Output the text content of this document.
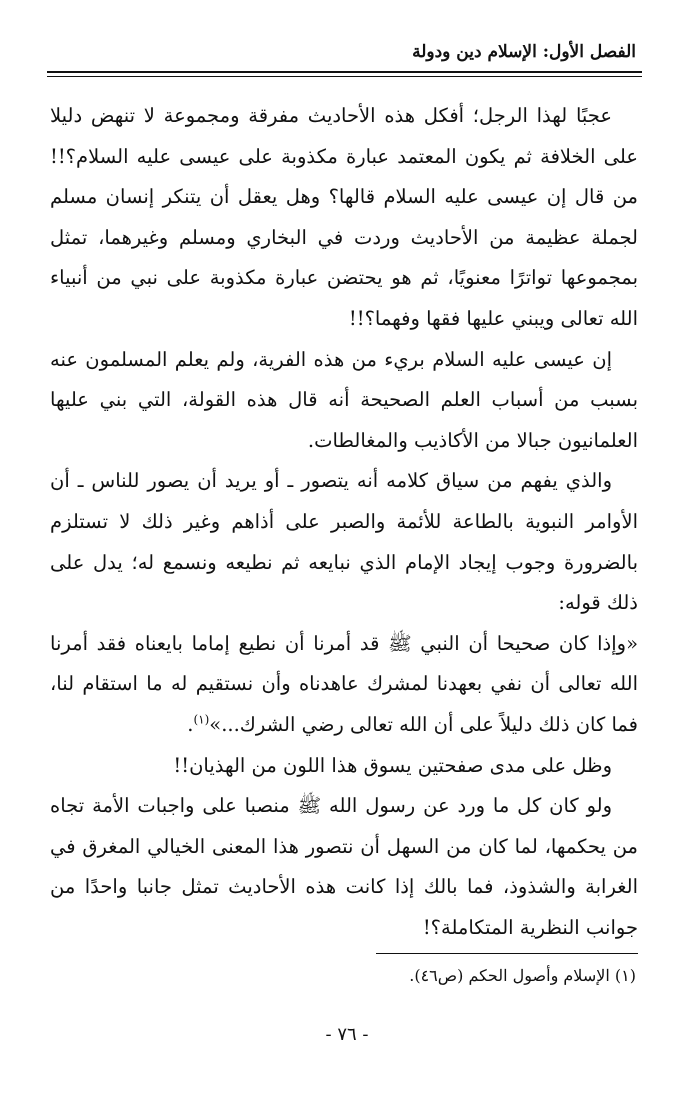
الفصل الأول: الإسلام دين ودولة

عجبًا لهذا الرجل؛ أفكل هذه الأحاديث مفرقة ومجموعة لا تنهض دليلا على الخلافة ثم يكون المعتمد عبارة مكذوبة على عيسى عليه السلام؟!! من قال إن عيسى عليه السلام قالها؟ وهل يعقل أن يتنكر إنسان مسلم لجملة عظيمة من الأحاديث وردت في البخاري ومسلم وغيرهما، تمثل بمجموعها تواترًا معنويًا، ثم هو يحتضن عبارة مكذوبة على نبي من أنبياء الله تعالى ويبني عليها فقها وفهما؟!!

إن عيسى عليه السلام بريء من هذه الفرية، ولم يعلم المسلمون عنه بسبب من أسباب العلم الصحيحة أنه قال هذه القولة، التي بني عليها العلمانيون جبالا من الأكاذيب والمغالطات.

والذي يفهم من سياق كلامه أنه يتصور ـ أو يريد أن يصور للناس ـ أن الأوامر النبوية بالطاعة للأئمة والصبر على أذاهم وغير ذلك لا تستلزم بالضرورة وجوب إيجاد الإمام الذي نبايعه ثم نطيعه ونسمع له؛ يدل على ذلك قوله:

«وإذا كان صحيحا أن النبي ﷺ قد أمرنا أن نطيع إماما بايعناه فقد أمرنا الله تعالى أن نفي بعهدنا لمشرك عاهدناه وأن نستقيم له ما استقام لنا، فما كان ذلك دليلاً على أن الله تعالى رضي الشرك...»$^{(١)}$.

وظل على مدى صفحتين يسوق هذا اللون من الهذيان!!

ولو كان كل ما ورد عن رسول الله ﷺ منصبا على واجبات الأمة تجاه من يحكمها، لما كان من السهل أن نتصور هذا المعنى الخيالي المغرق في الغرابة والشذوذ، فما بالك إذا كانت هذه الأحاديث تمثل جانبا واحدًا من جوانب النظرية المتكاملة؟!

(١) الإسلام وأصول الحكم (ص٤٦).
- ٧٦ -
